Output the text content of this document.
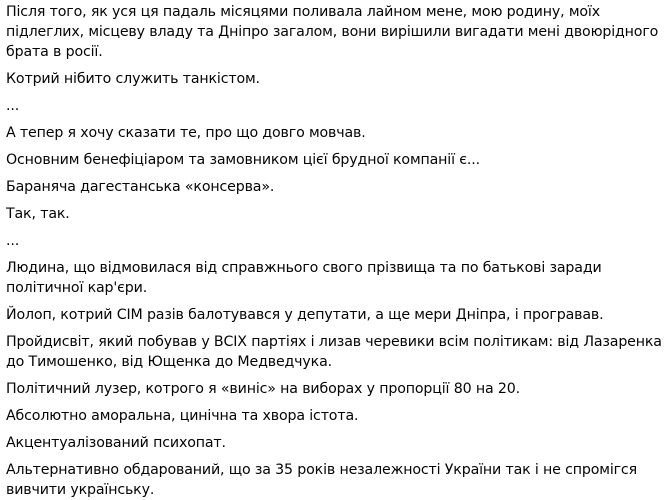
Після того, як уся ця падаль місяцями поливала лайном мене, мою родину, моїх підлеглих, місцеву владу та Дніпро загалом, вони вирішили вигадати мені двоюрідного брата в росії.

Котрий нібито служить танкістом.

...

А тепер я хочу сказати те, про що довго мовчав.

Основним бенефіціаром та замовником цієї брудної компанії є...

Бараняча дагестанська «консерва».

Так, так.

...

Людина, що відмовилася від справжнього свого прізвища та по батькові заради політичної кар'єри.

Йолоп, котрий СІМ разів балотувався у депутати, а ще мери Дніпра, і програвав.

Пройдисвіт, який побував у ВСІХ партіях і лизав черевики всім політикам: від Лазаренка до Тимошенко, від Ющенка до Медведчука.

Політичний лузер, котрого я «виніс» на виборах у пропорції 80 на 20.

Абсолютно аморальна, цинічна та хвора істота.

Акцентуалізований психопат.

Альтернативно обдарований, що за 35 років незалежності України так і не спромігся вивчити українську.
